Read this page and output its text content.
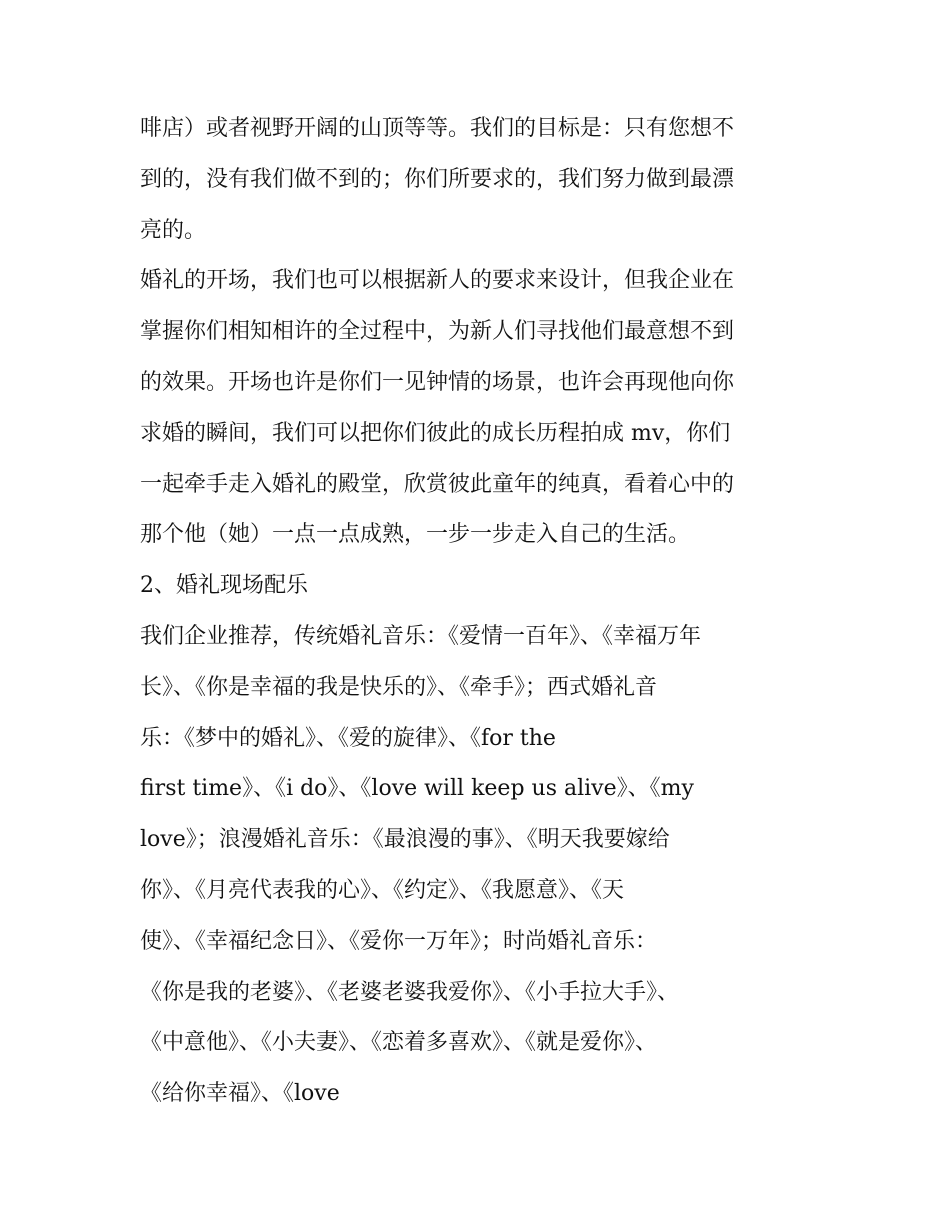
啡店）或者视野开阔的山顶等等。我们的目标是：只有您想不
到的，没有我们做不到的；你们所要求的，我们努力做到最漂
亮的。
婚礼的开场，我们也可以根据新人的要求来设计，但我企业在
掌握你们相知相许的全过程中，为新人们寻找他们最意想不到
的效果。开场也许是你们一见钟情的场景，也许会再现他向你
求婚的瞬间，我们可以把你们彼此的成长历程拍成 mv，你们
一起牵手走入婚礼的殿堂，欣赏彼此童年的纯真，看着心中的
那个他（她）一点一点成熟，一步一步走入自己的生活。
2、婚礼现场配乐
我们企业推荐，传统婚礼音乐：《爱情一百年》、《幸福万年
长》、《你是幸福的我是快乐的》、《牵手》；西式婚礼音
乐：《梦中的婚礼》、《爱的旋律》、《for the
first time》、《i do》、《love will keep us alive》、《my
love》；浪漫婚礼音乐：《最浪漫的事》、《明天我要嫁给
你》、《月亮代表我的心》、《约定》、《我愿意》、《天
使》、《幸福纪念日》、《爱你一万年》；时尚婚礼音乐：
《你是我的老婆》、《老婆老婆我爱你》、《小手拉大手》、
《中意他》、《小夫妻》、《恋着多喜欢》、《就是爱你》、
《给你幸福》、《love
